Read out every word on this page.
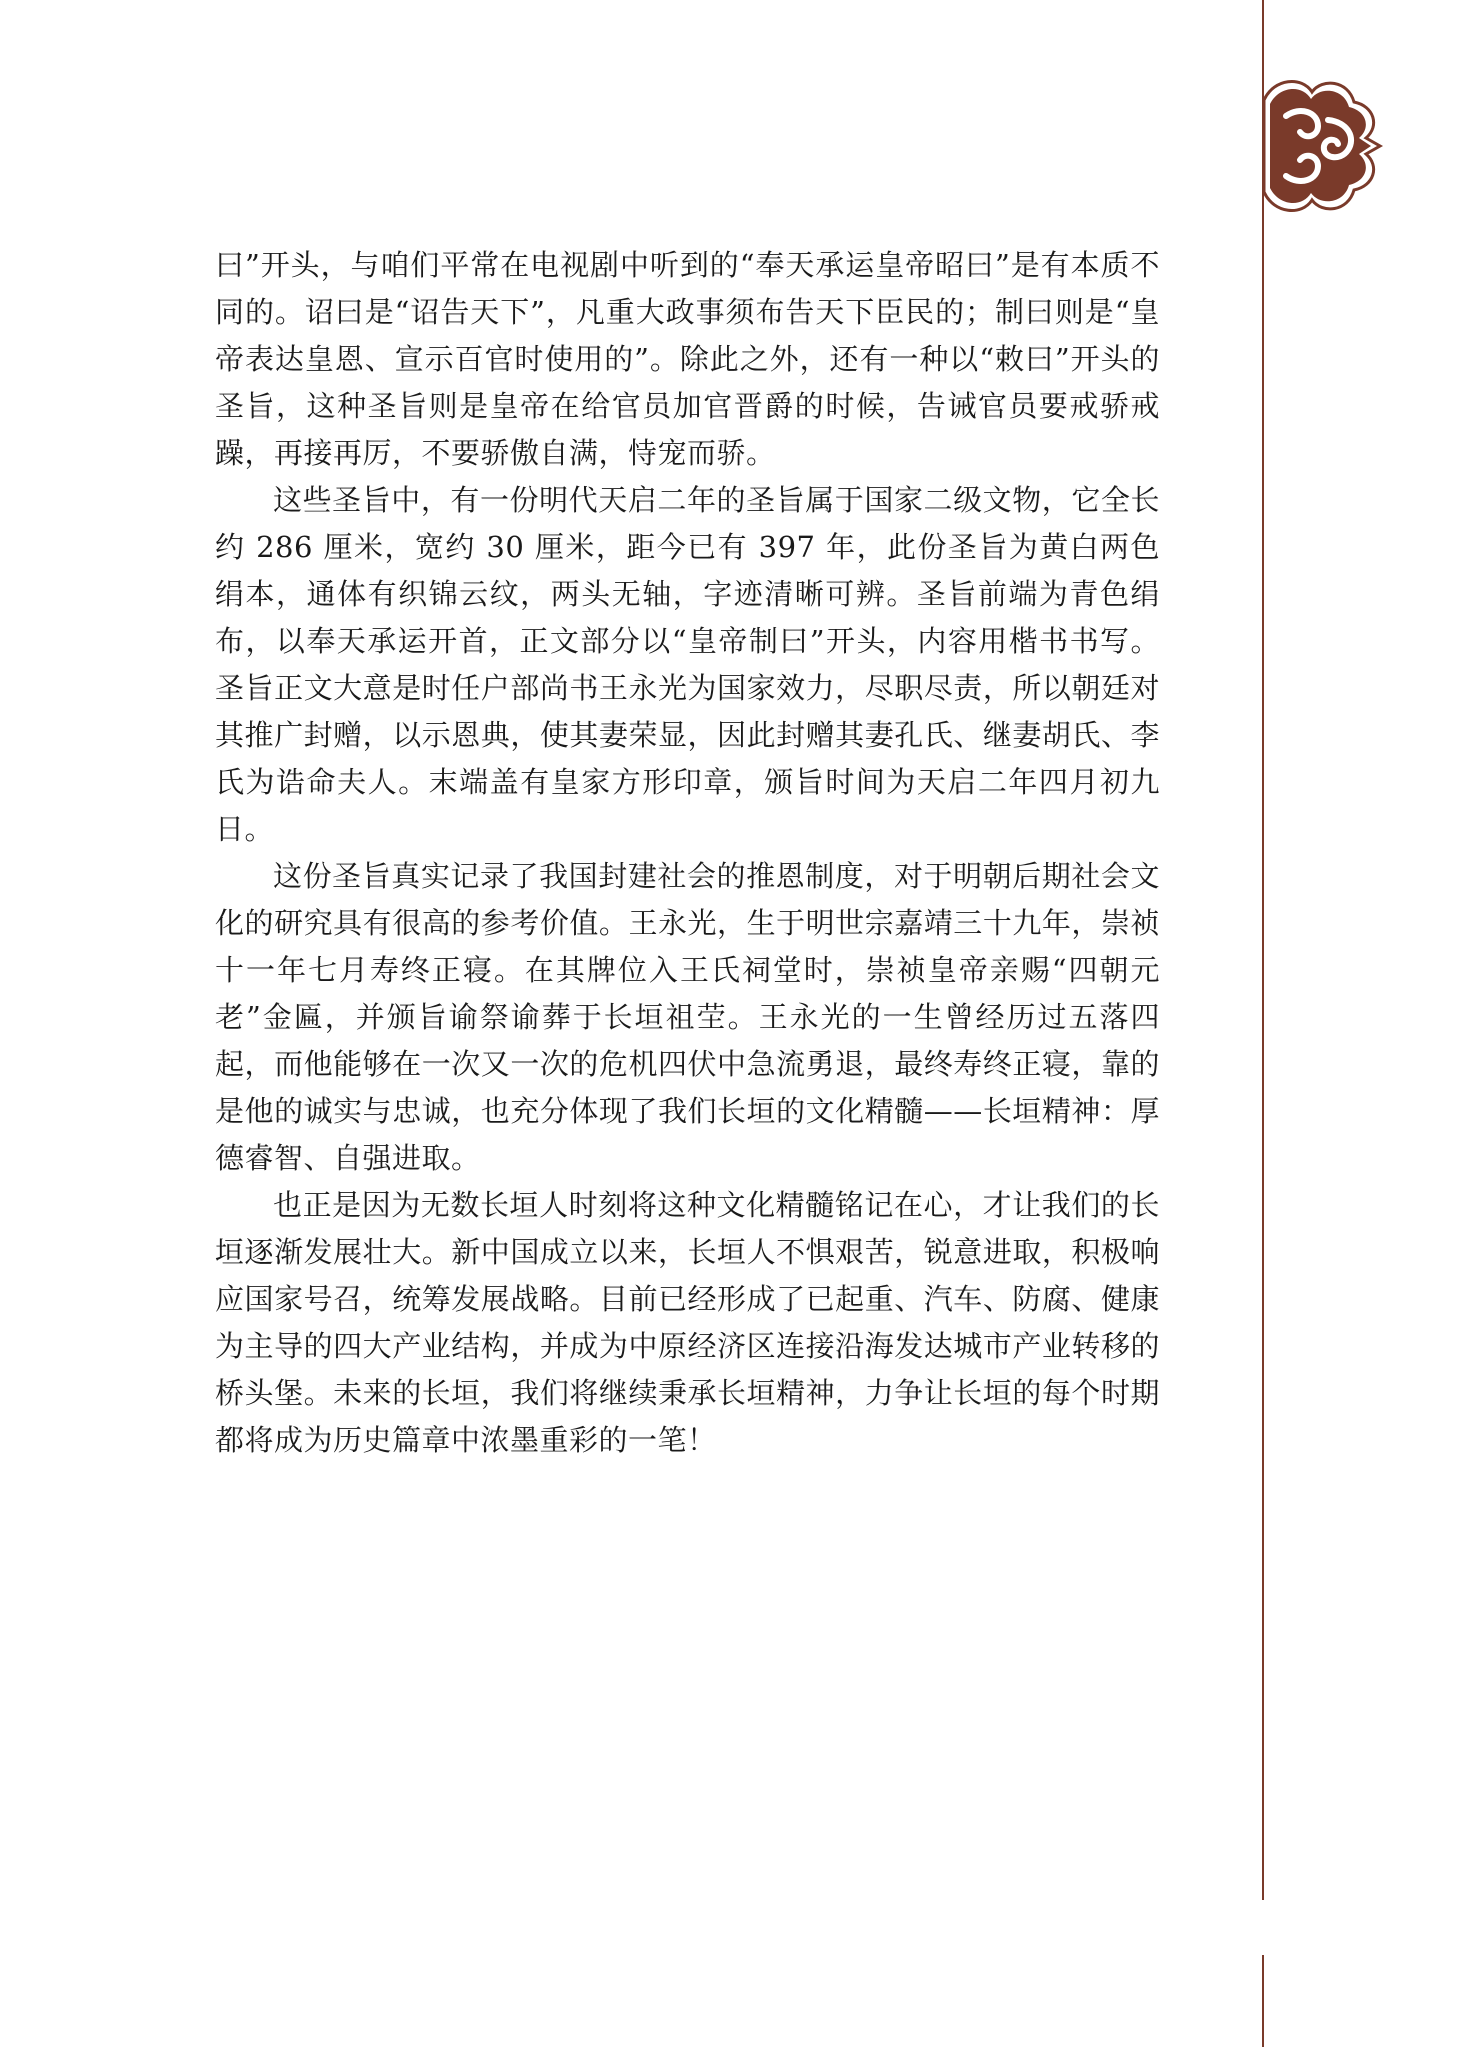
曰”开头，与咱们平常在电视剧中听到的“奉天承运皇帝昭曰”是有本质不同的。诏曰是“诏告天下”，凡重大政事须布告天下臣民的；制曰则是“皇帝表达皇恩、宣示百官时使用的”。除此之外，还有一种以“敕曰”开头的圣旨，这种圣旨则是皇帝在给官员加官晋爵的时候，告诫官员要戒骄戒躁，再接再厉，不要骄傲自满，恃宠而骄。

这些圣旨中，有一份明代天启二年的圣旨属于国家二级文物，它全长约 286 厘米，宽约 30 厘米，距今已有 397 年，此份圣旨为黄白两色绢本，通体有织锦云纹，两头无轴，字迹清晰可辨。圣旨前端为青色绢布，以奉天承运开首，正文部分以“皇帝制曰”开头，内容用楷书书写。圣旨正文大意是时任户部尚书王永光为国家效力，尽职尽责，所以朝廷对其推广封赠，以示恩典，使其妻荣显，因此封赠其妻孔氏、继妻胡氏、李氏为诰命夫人。末端盖有皇家方形印章，颁旨时间为天启二年四月初九日。

这份圣旨真实记录了我国封建社会的推恩制度，对于明朝后期社会文化的研究具有很高的参考价值。王永光，生于明世宗嘉靖三十九年，崇祯十一年七月寿终正寝。在其牌位入王氏祠堂时，崇祯皇帝亲赐“四朝元老”金匾，并颁旨谕祭谕葬于长垣祖茔。王永光的一生曾经历过五落四起，而他能够在一次又一次的危机四伏中急流勇退，最终寿终正寝，靠的是他的诚实与忠诚，也充分体现了我们长垣的文化精髓——长垣精神：厚德睿智、自强进取。

也正是因为无数长垣人时刻将这种文化精髓铭记在心，才让我们的长垣逐渐发展壮大。新中国成立以来，长垣人不惧艰苦，锐意进取，积极响应国家号召，统筹发展战略。目前已经形成了已起重、汽车、防腐、健康为主导的四大产业结构，并成为中原经济区连接沿海发达城市产业转移的桥头堡。未来的长垣，我们将继续秉承长垣精神，力争让长垣的每个时期都将成为历史篇章中浓墨重彩的一笔！
